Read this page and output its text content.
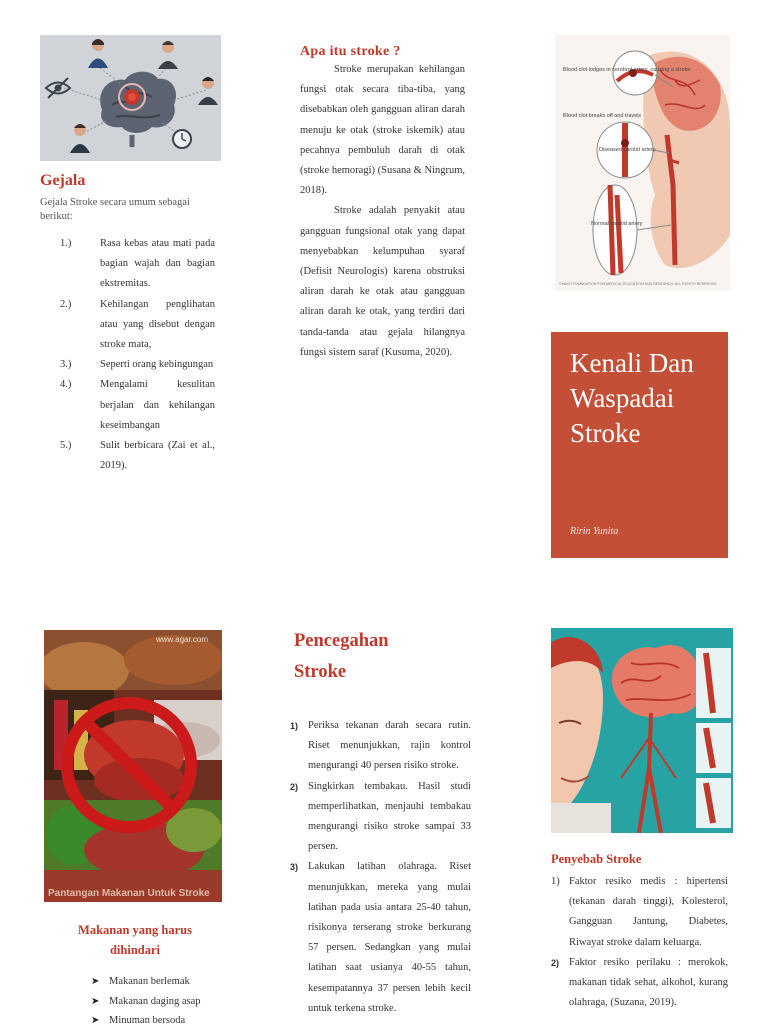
Gejala
Gejala Stroke secara umum sebagai berikut:
1.)	Rasa kebas atau mati pada bagian wajah dan bagian ekstremitas.
2.)	Kehilangan penglihatan atau yang disebut dengan stroke mata,
3.)	Seperti orang kebingungan
4.)	Mengalami kesulitan berjalan dan kehilangan keseimbangan
5.)	Sulit berbicara (Zai et al., 2019).
Apa itu stroke ?
Stroke merupakan kehilangan fungsi otak secara tiba-tiba, yang disebabkan oleh gangguan aliran darah menuju ke otak (stroke iskemik) atau pecahnya pembuluh darah di otak (stroke hemoragi) (Susana & Ningrum, 2018).
Stroke adalah penyakit atau gangguan fungsional otak yang dapat menyebabkan kelumpuhan syaraf (Defisit Neurologis) karena obstruksi aliran darah ke otak atau gangguan aliran darah ke otak, yang terdiri dari tanda-tanda atau gejala hilangnya fungsi sistem saraf (Kusuma, 2020).
Blood clot lodges in cerebral artery, causing a stroke
Blood clot breaks off and travels
Diseased carotid artery
Normal carotid artery
©MAYO FOUNDATION FOR MEDICAL EDUCATION AND RESEARCH. ALL RIGHTS RESERVED.
Kenali Dan Waspadai Stroke
Ririn Yunita
www.agar.com
Pantangan Makanan Untuk Stroke
Makanan yang harus dihindari
➤ Makanan berlemak
➤ Makanan daging asap
➤ Minuman bersoda
Pencegahan Stroke
1) Periksa tekanan darah secara rutin. Riset menunjukkan, rajin kontrol mengurangi 40 persen risiko stroke.
2) Singkirkan tembakau. Hasil studi memperlihatkan, menjauhi tembakau mengurangi risiko stroke sampai 33 persen.
3) Lakukan latihan olahraga. Riset menunjukkan, mereka yang mulai latihan pada usia antara 25-40 tahun, risikonya terserang stroke berkurang 57 persen. Sedangkan yang mulai latihan saat usianya 40-55 tahun, kesempatannya 37 persen lebih kecil untuk terkena stroke.
Penyebab Stroke
1) Faktor resiko medis : hipertensi (tekanan darah tinggi), Kolesterol, Gangguan Jantung, Diabetes, Riwayat stroke dalam keluarga.
2) Faktor resiko perilaku : merokok, makanan tidak sehat, alkohol, kurang olahraga, (Suzana, 2019).
